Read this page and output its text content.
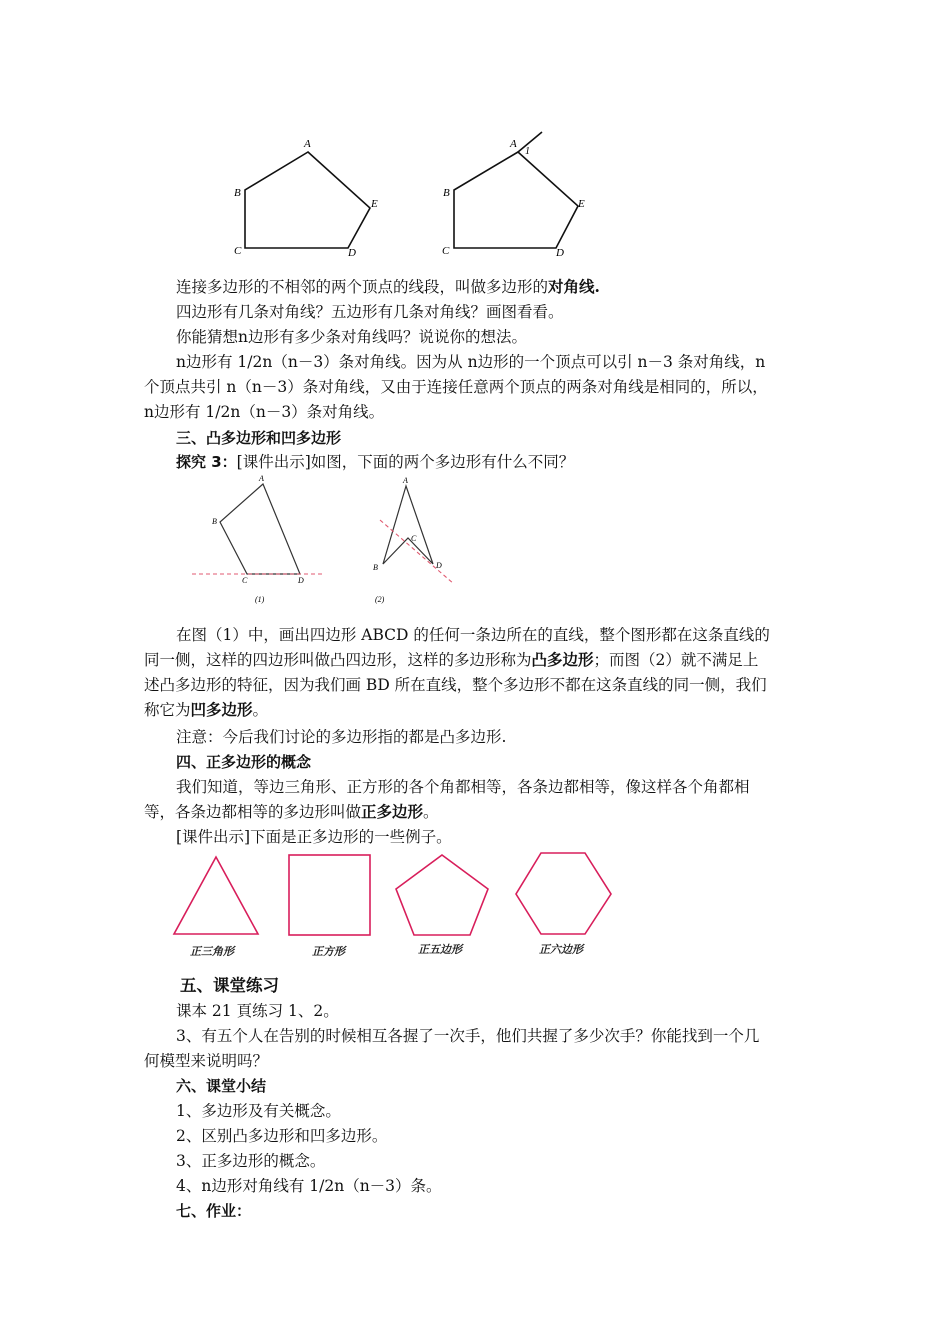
A
B
C	D
E
A
B
C	D
E
1
连接多边形的不相邻的两个顶点的线段，叫做多边形的对角线.
四边形有几条对角线？五边形有几条对角线？画图看看。
你能猜想n边形有多少条对角线吗？说说你的想法。
n边形有 1/2n（n－3）条对角线。因为从 n边形的一个顶点可以引 n－3 条对角线，n
个顶点共引 n（n－3）条对角线，又由于连接任意两个顶点的两条对角线是相同的，所以，
n边形有 1/2n（n－3）条对角线。
三、凸多边形和凹多边形
探究 3：[课件出示]如图，下面的两个多边形有什么不同？
A
B
C	D
(1)
A
B
C
D
(2)
在图（1）中，画出四边形 ABCD 的任何一条边所在的直线，整个图形都在这条直线的
同一侧，这样的四边形叫做凸四边形，这样的多边形称为凸多边形；而图（2）就不满足上
述凸多边形的特征，因为我们画 BD 所在直线，整个多边形不都在这条直线的同一侧，我们
称它为凹多边形。
注意：今后我们讨论的多边形指的都是凸多边形.
四、正多边形的概念
我们知道，等边三角形、正方形的各个角都相等，各条边都相等，像这样各个角都相
等，各条边都相等的多边形叫做正多边形。
[课件出示]下面是正多边形的一些例子。
正三角形	正方形	正五边形	正六边形
五、课堂练习
课本 21 頁练习 1、2。
3、有五个人在告别的时候相互各握了一次手，他们共握了多少次手？你能找到一个几
何模型来说明吗？
六、课堂小结
1、多边形及有关概念。
2、区别凸多边形和凹多边形。
3、正多边形的概念。
4、n边形对角线有 1/2n（n－3）条。
七、作业：
